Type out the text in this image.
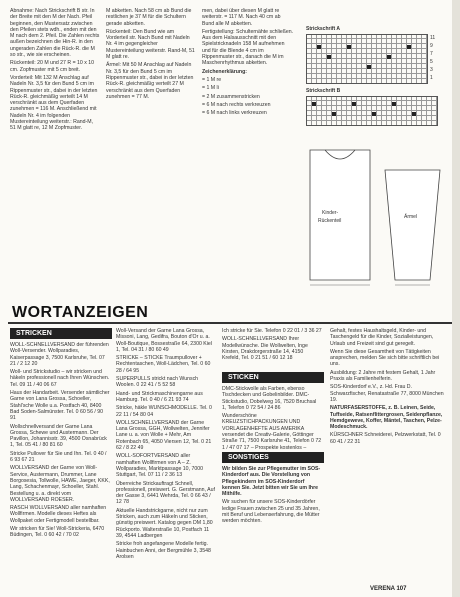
Abnahme: Nach Strickschrift B str. In der Breite mit den M der Nach. Pfeil beginnen, den Mustersatz zwischen den Pfeilen stets wdh., enden mit den M nach dem 2. Pfeil. Die Zahlen rechts außen bezeichnen die Hin-R. in den ungeraden Zahlen die Rück-R. die M so str., wie sie erscheinen.

Rückenteil: 20 M und 27 R = 10 x 10 cm. Zopfmuster mit 5 cm breit.

Vorderteil: Mit 132 M Anschlag auf Nadeln Nr. 3,5 für den Bund 5 cm im Rippenmuster str., dabei in der letzten Rück-R. gleichmäßig verteilt 14 M verschränkt aus dem Querfaden zunehmen = 116 M. Anschließend mit Nadeln Nr. 4 im folgenden Mustereinteilung weiterstr.: Rand-M, 51 M glatt re, 12 M Zopfmuster.

M abketten. Nach 58 cm ab Bund die restlichen je 37 M für die Schultern gerade abketten.

Rückenteil: Den Bund wie am Vorderteil str. Nach Bund mit Nadeln Nr. 4 im gegengleicher Mustereinteilung weiterstr. Rand-M, 51 M glatt re.

Ärmel: Mit 50 M Anschlag auf Nadeln Nr. 3,5 für den Bund 5 cm im Rippenmuster str., dabei in der letzten Rück-R. gleichmäßig verteilt 27 M verschränkt aus dem Querfaden zunehmen = 77 M.

men, dabei über diesen M glatt re weiterstr. = 117 M. Nach 40 cm ab Bund alle M abketten.

Fertigstellung: Schulternähte schließen. Aus dem Halsausschnitt mit den Spielstricknadeln 158 M aufnehmen und für die Blende 4 cm im Rippenmuster str., danach die M im Maschenrhythmus abketten.

Zeichenerklärung:

= 1 M re

= 1 M li

= 2 M zusammenstricken

= 6 M nach rechts verkreuzen

= 6 M nach links verkreuzen

Strickschrift A
11
9
7
5
3
1
Strickschrift B
Kinder-
Rückenteil
Ärmel
WORTANZEIGEN
STRICKEN

WOLL-SCHNELLVERSAND der führenden Woll-Versender. Wollparadies, Kaiserpassage 3, 7500 Karlsruhe, Tel. 07 21 / 2 12 20

Woll- und Strickstudio – wir stricken und häkeln professionell nach Ihren Wünschen. Tel. 09 11 / 40 06 67

Haus der Handarbeit. Versender sämtlicher Garne von Lana Grossa, Schoeller, Stahl'sche Wolle u.a. Postfach 40, 8400 Bad Soden-Salmünster. Tel. 0 60 56 / 90 91

Wollschnellversand der Garne Lana Grossa, Schewe und Austermann. Der Pavillon, Johannisstr. 39, 4500 Osnabrück 1, Tel. 05 41 / 80 81 60

Stricke Pullover für Sie und Ihn. Tel. 0 40 / 6 93 67 21

WOLLVERSAND der Garne von Woll-Service, Austermann, Drummer, Lane Borgosesia, Tollwolle, HAWE, Jaeger, KKK, Lang, Schachenmayr, Schoeller, Stahl. Bestellung u. a. direkt vom WOLLVERSAND ROESER.

RASCH WOLLVERSAND aller namhaften Wollfirmen. Modelle dieses Heftes als Wollpaket oder Fertigmodell bestellbar.

Wir stricken für Sie! Woll-Strickeria, 6470 Büdingen, Tel. 0 60 42 / 70 02

Woll-Versand der Garne Lana Grossa, Missoni, Lang, Gedifra, Bouton d'Or u. a. Woll-Boutique, Bossestraße 64, 2300 Kiel 1, Tel. 04 31 / 80 60 49

STRICKE – STICKE Traumpullover + Rechtentaschen, Woll-Lädchen, Tel. 0 60 28 / 64 95

SUPERPULLS strickt nach Wunsch Woolen. 0 22 41 / 5 52 58

Hand- und Strickmaschinengarne aus Hamburg. Tel. 0 40 / 6 21 93 74

Stricke, häkle WUNSCHMODELLE. Tel. 0 22 11 / 54 80 04

WOLLSCHNELLVERSAND der Garne Lana Grossa, GGH, Wollwelten, Jennifer Lane u. a. von Wolle + Mehr, Am Rotenbach 65, 4050 Viersen 12, Tel. 0 21 62 / 8 22 49

WOLL-SOFORTVERSAND aller namhaften Wollfirmen von A – Z. Wollparadies, Marktpassage 10, 7000 Stuttgart, Tel. 07 11 / 2 36 13

Überreiche Strickauftragt Schnell, professionell, preiswert. G. Gerstmann, Auf der Gasse 3, 6441 Wehrda, Tel. 0 66 43 / 12 78

Aktuelle Handstrickgarne, nicht nur zum Stricken, auch zum Häkeln und Sticken, günstig preiswert. Katalog gegen DM 1,80 Rückporto. Walterstraße 10, Postfach 11 39, 4544 Ladbergen

Stricke froh angefangene Modelle fertig. Hainbuchen Anni, der Bergmühle 3, 3548 Arolsen

Ich stricke für Sie. Telefon 0 22 01 / 3 36 27

WOLL-SCHNELLVERSAND Ihrer Modellwünsche. Die Wollwelten, Inge Kirsten, Drakdorgerstraße 14, 4150 Krefeld, Tel. 0 21 51 / 60 12 18

STICKEN

DMC-Stickwolle als Farben, ebenso Tischdecken und Gobelinbilder. DMC-Stickstudio, Dobelweg 16, 7520 Bruchsal 1, Telefon 0 72 54 / 24 86

Wunderschöne KREUZSTICHPACKUNGEN UND VORLAGENHEFTE AUS AMERIKA versendet die Creativ-Galerie, Göttinger Straße 71, 7500 Karlsruhe 41, Telefon 0 72 1 / 47 07 17 – Prospekte kostenlos –

SONSTIGES

Wir bilden Sie zur Pflegemutter im SOS-Kinderdorf aus. Die Vorstellung von Pflegekindern im SOS-Kinderdorf kennen Sie. Jetzt bitten wir Sie um Ihre Mithilfe.

Wir suchen für unsere SOS-Kinderdörfer ledige Frauen zwischen 25 und 35 Jahren, mit Beruf und Lebenserfahrung, die Mütter werden möchten.

Gehalt, festes Haushaltsgeld, Kinder- und Taschengeld für die Kinder, Sozialleistungen, Urlaub und Freizeit sind gut geregelt.

Wenn Sie diese Gesamtheit von Tätigkeiten ansprechen, melden Sie sich bitte schriftlich bei uns.

Ausbildung: 2 Jahre mit festem Gehalt, 1 Jahr Praxis als Familienhelferin.

SOS-Kinderdorf e.V., z. Hd. Frau D. Schwarzfischer, Renatastraße 77, 8000 München 19.

NATURFASERSTOFFE, z. B. Leinen, Seide, Tuffseide, Ratsenflittergrosen, Seidenpflanze, Hemdgeweve, Koffer, Mäntel, Taschen, Pelze-Modeschmuck.

KÜRSCHNER Schneiderei, Pelzwerkstatt, Tel. 0 60 41 / 22 31

VERENA 107
